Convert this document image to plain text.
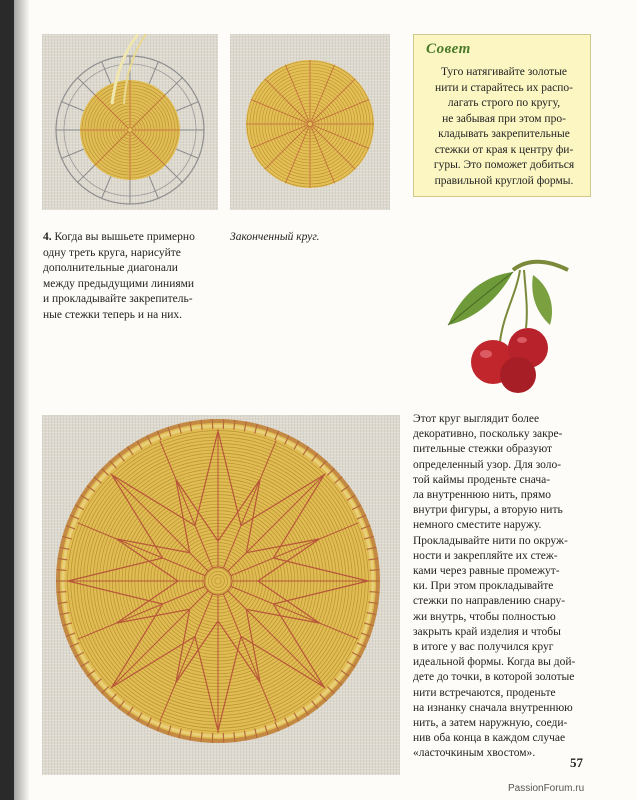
Совет
Туго натягивайте золотые
нити и старайтесь их распо-
лагать строго по кругу,
не забывая при этом про-
кладывать закрепительные
стежки от края к центру фи-
гуры. Это поможет добиться
правильной круглой формы.
4. Когда вы вышьете примерно
одну треть круга, нарисуйте
дополнительные диагонали
между предыдущими линиями
и прокладывайте закрепитель-
ные стежки теперь и на них.
Законченный круг.
Этот круг выглядит более
декоративно, поскольку закре-
пительные стежки образуют
определенный узор. Для золо-
той каймы проденьте снача-
ла внутреннюю нить, прямо
внутри фигуры, а вторую нить
немного сместите наружу.
Прокладывайте нити по окруж-
ности и закрепляйте их стеж-
ками через равные промежут-
ки. При этом прокладывайте
стежки по направлению снару-
жи внутрь, чтобы полностью
закрыть край изделия и чтобы
в итоге у вас получился круг
идеальной формы. Когда вы дой-
дете до точки, в которой золотые
нити встречаются, проденьте
на изнанку сначала внутреннюю
нить, а затем наружную, соеди-
нив оба конца в каждом случае
«ласточкиным хвостом».
57
PassionForum.ru
